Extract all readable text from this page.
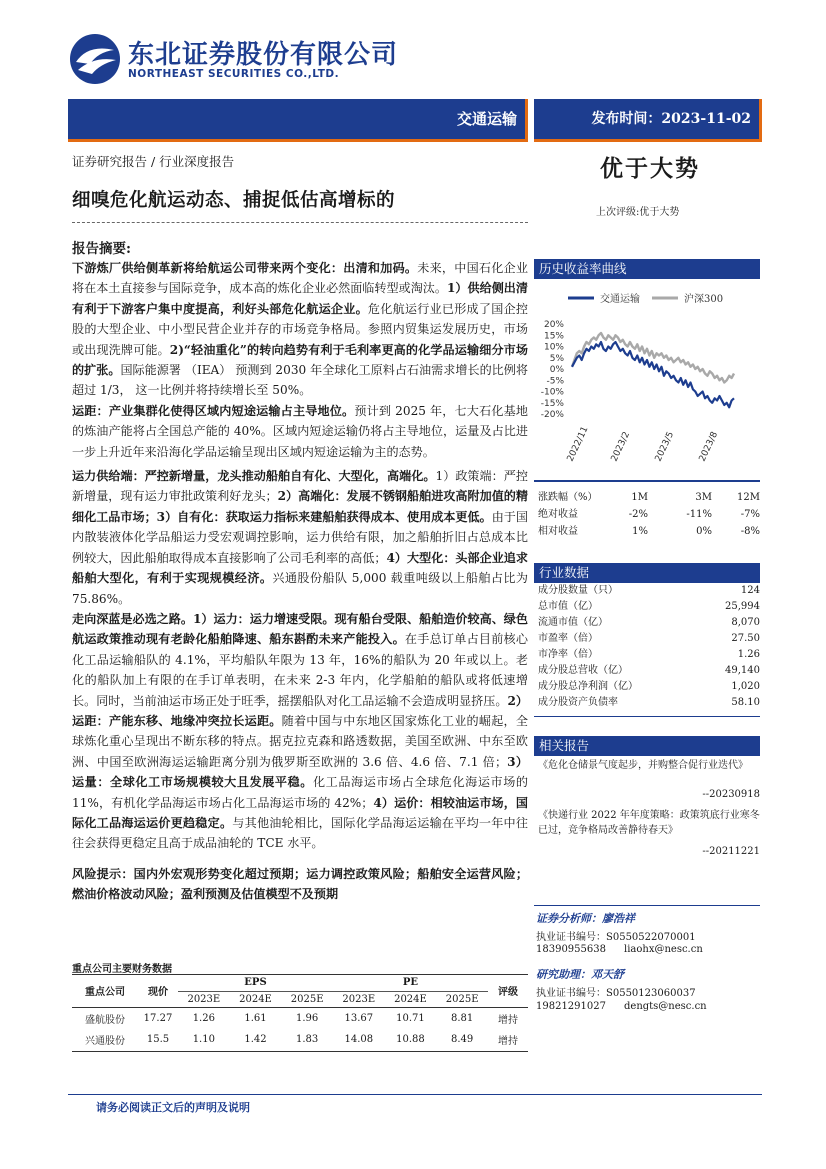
东北证券股份有限公司
NORTHEAST SECURITIES CO.,LTD.
交通运输	发布时间：2023-11-02
证券研究报告 / 行业深度报告
细嗅危化航运动态、捕捉低估高增标的
优于大势
上次评级:优于大势
报告摘要:

下游炼厂供给侧革新将给航运公司带来两个变化：出清和加码。未来，中国石化企业将在本土直接参与国际竞争，成本高的炼化企业必然面临转型或淘汰。1）供给侧出清有利于下游客户集中度提高，利好头部危化航运企业。危化航运行业已形成了国企控股的大型企业、中小型民营企业并存的市场竞争格局。参照内贸集运发展历史，市场或出现洗牌可能。2)“轻油重化”的转向趋势有利于毛利率更高的化学品运输细分市场的扩张。国际能源署 （IEA） 预测到 2030 年全球化工原料占石油需求增长的比例将超过 1/3， 这一比例并将持续增长至 50%。

运距：产业集群化使得区域内短途运输占主导地位。预计到 2025 年，七大石化基地的炼油产能将占全国总产能的 40%。区域内短途运输仍将占主导地位，运量及占比进一步上升近年来沿海化学品运输呈现出区域内短途运输为主的态势。

运力供给端：严控新增量，龙头推动船舶自有化、大型化，高端化。1）政策端：严控新增量，现有运力审批政策利好龙头；2）高端化：发展不锈钢船舶进攻高附加值的精细化工品市场；3）自有化：获取运力指标来建船舶获得成本、使用成本更低。由于国内散装液体化学品船运力受宏观调控影响，运力供给有限，加之船舶折旧占总成本比例较大，因此船舶取得成本直接影响了公司毛利率的高低；4）大型化：头部企业追求船舶大型化，有利于实现规模经济。兴通股份船队 5,000 载重吨级以上船舶占比为 75.86%。

走向深蓝是必选之路。1）运力：运力增速受限。现有船台受限、船舶造价较高、绿色航运政策推动现有老龄化船舶降速、船东斟酌未来产能投入。在手总订单占目前核心化工品运输船队的 4.1%，平均船队年限为 13 年，16%的船队为 20 年或以上。老化的船队加上有限的在手订单表明，在未来 2-3 年内，化学船舶的船队或将低速增长。同时，当前油运市场正处于旺季，摇摆船队对化工品运输不会造成明显挤压。2）运距：产能东移、地缘冲突拉长运距。随着中国与中东地区国家炼化工业的崛起，全球炼化重心呈现出不断东移的特点。据克拉克森和路透数据，美国至欧洲、中东至欧洲、中国至欧洲海运运输距离分别为俄罗斯至欧洲的 3.6 倍、4.6 倍、7.1 倍；3）运量：全球化工市场规模较大且发展平稳。化工品海运市场占全球危化海运市场的 11%，有机化学品海运市场占化工品海运市场的 42%；4）运价：相较油运市场，国际化工品海运运价更趋稳定。与其他油轮相比，国际化学品海运运输在平均一年中往往会获得更稳定且高于成品油轮的 TCE 水平。

风险提示：国内外宏观形势变化超过预期；运力调控政策风险；船舶安全运营风险；燃油价格波动风险；盈利预测及估值模型不及预期

重点公司主要财务数据
重点公司	现价	EPS			PE			评级
		2023E	2024E	2025E	2023E	2024E	2025E	
盛航股份	17.27	1.26	1.61	1.96	13.67	10.71	8.81	增持
兴通股份	15.5	1.10	1.42	1.83	14.08	10.88	8.49	增持
请务必阅读正文后的声明及说明
历史收益率曲线
交通运输	沪深300
20%
15%
10%
5%
0%
-5%
-10%
-15%
-20%
2022/11 2023/2 2023/5 2023/8
涨跌幅（%）	1M	3M	12M
绝对收益	-2%	-11%	-7%
相对收益	1%	0%	-8%
行业数据
成分股数量（只）	124
总市值（亿）	25,994
流通市值（亿）	8,070
市盈率（倍）	27.50
市净率（倍）	1.26
成分股总营收（亿）	49,140
成分股总净利润（亿）	1,020
成分股资产负债率	58.10
相关报告
《危化仓储景气度起步，并购整合促行业迭代》
--20230918
《快递行业 2022 年年度策略：政策筑底行业寒冬已过，竞争格局改善静待春天》
--20211221
证券分析师：廖浩祥
执业证书编号：S0550522070001
18390955638 liaohx@nesc.cn
研究助理：邓天舒
执业证书编号：S0550123060037
19821291027 dengts@nesc.cn
